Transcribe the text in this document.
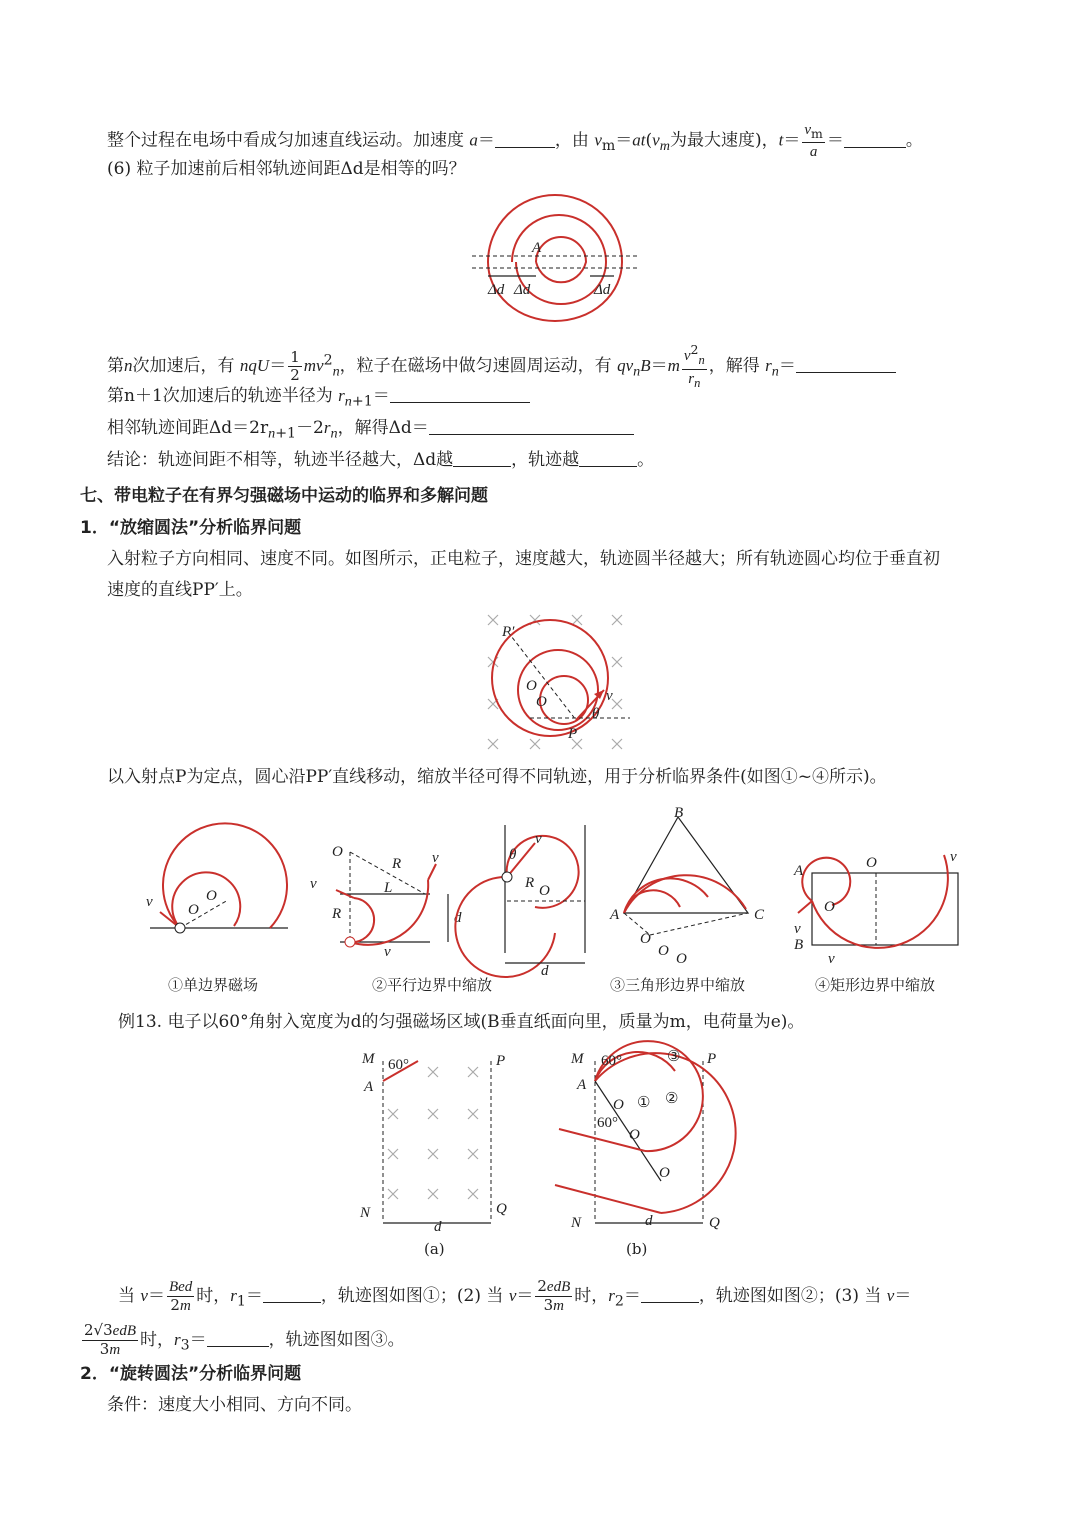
整个过程在电场中看成匀加速直线运动。加速度 a＝	，由 $v_m=at(v_m$为最大速度)，$t= \frac{v_m}{a}$ ＝	。
(6) 粒子加速前后相邻轨迹间距Δd是相等的吗？
A
Δd Δd	Δd
第n次加速后，有 $nqU= \frac{1}{2} mv^2_n$，粒子在磁场中做匀速圆周运动，有 $qv_nB=m \frac{v^2_n}{r_n}$ ，解得 $r_n=$
第n＋1次加速后的轨迹半径为 $r_{n+1}=$
相邻轨迹间距$\Delta d=2r_{n+1}-2r_n$，解得Δd＝
结论：轨迹间距不相等，轨迹半径越大，Δd越	，轨迹越	。
七、带电粒子在有界匀强磁场中运动的临界和多解问题
1．“放缩圆法”分析临界问题
入射粒子方向相同、速度不同。如图所示，正电粒子，速度越大，轨迹圆半径越大；所有轨迹圆心均位于垂直初
速度的直线PP′上。
P′
O
O
P
v
θ
以入射点P为定点，圆心沿PP′直线移动，缩放半径可得不同轨迹，用于分析临界条件(如图①~④所示)。
v O
O
①单边界磁场
O
R v
v	L
R	d
v
②平行边界中缩放
v
θ
R O
d
B
A	C
O
O O
③三角形边界中缩放
A	O
O
v
v
B
v
④矩形边界中缩放
例13. 电子以60°角射入宽度为d的匀强磁场区域(B垂直纸面向里，质量为m，电荷量为e)。
M
A
60°	P
N	Q
d
(a)
M
A
60°
60°
P
③
① ②
O
O
O
N	Q
d
(b)
当 v＝ Bed
2m 时，$r_1=$	，轨迹图如图①；(2) 当 v＝ 2edB
3m 时，$r_2=$	，轨迹图如图②；(3) 当 v＝
2√3edB
3m	时，$r_3=$	，轨迹图如图③。
2．“旋转圆法”分析临界问题
条件：速度大小相同、方向不同。
